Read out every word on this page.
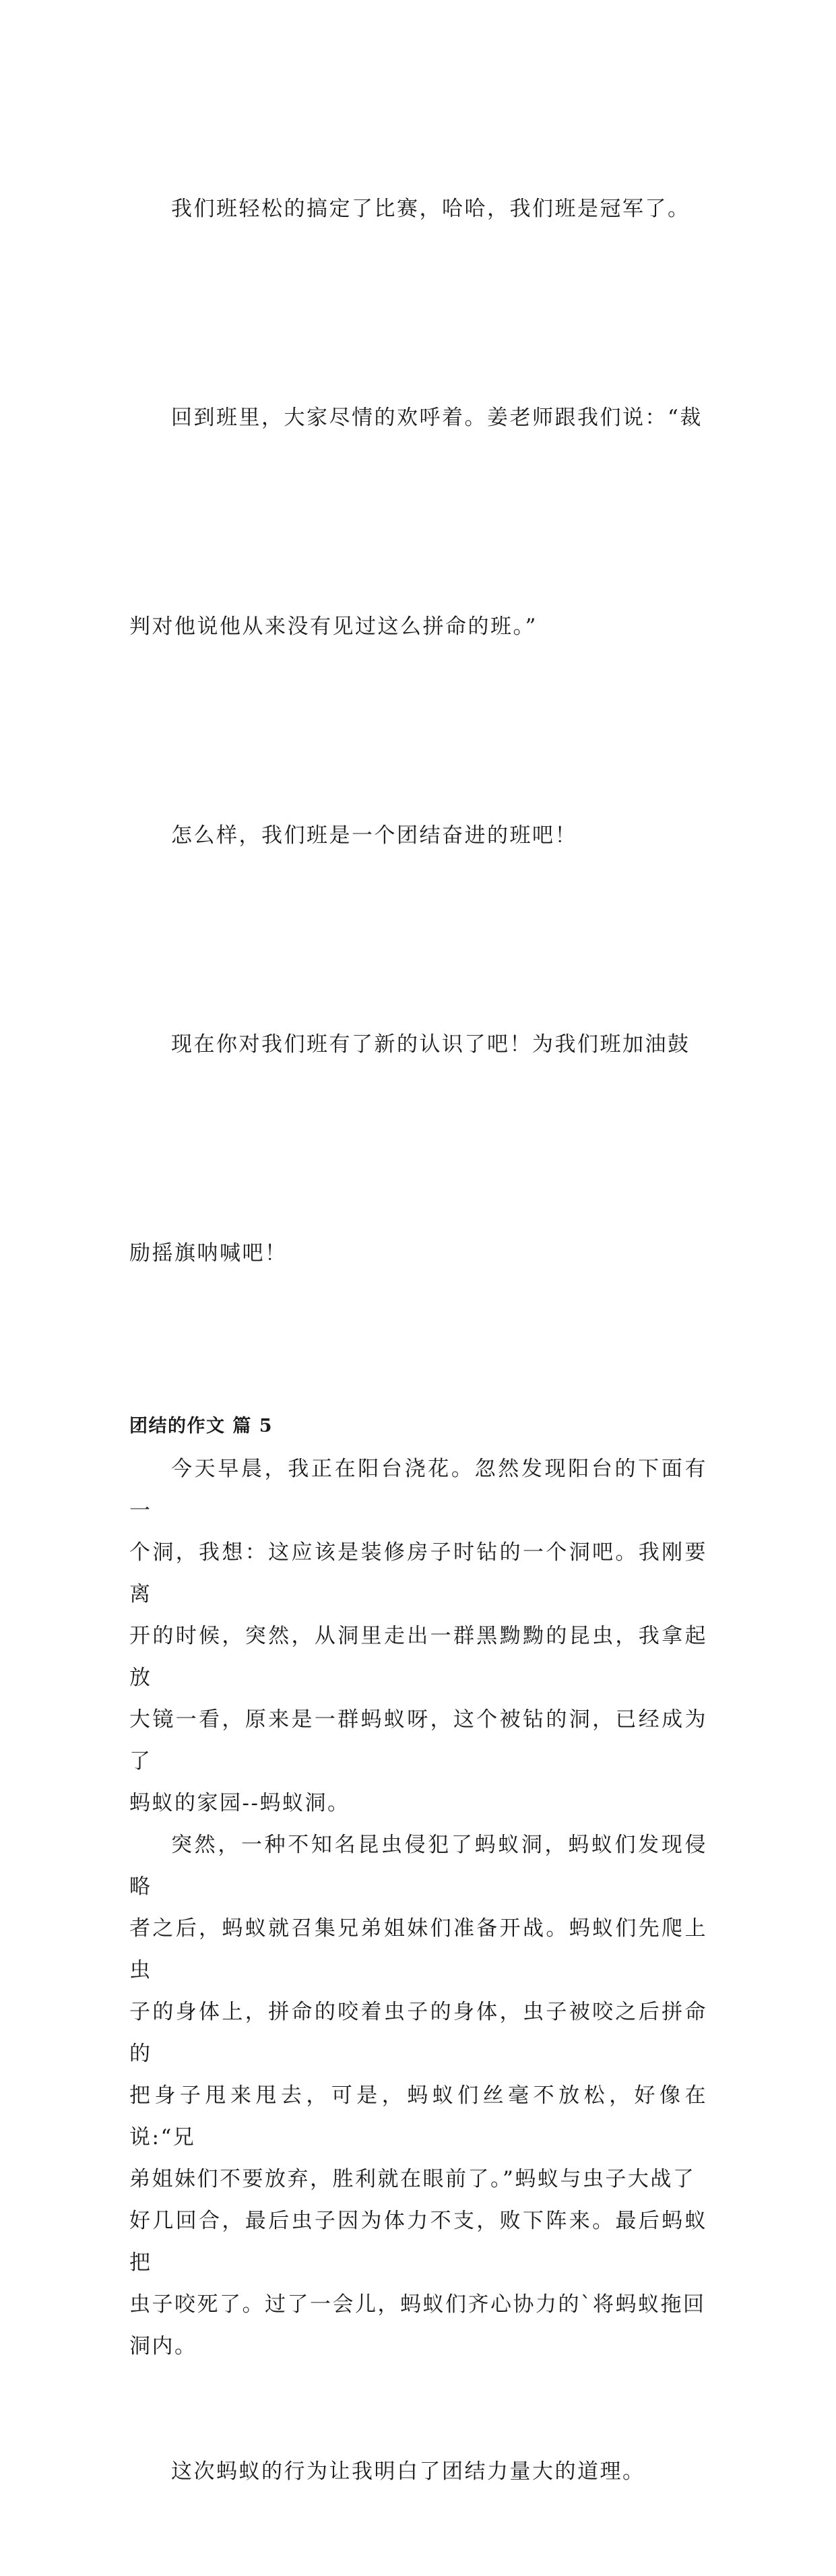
我们班轻松的搞定了比赛，哈哈，我们班是冠军了。

回到班里，大家尽情的欢呼着。姜老师跟我们说：“裁

判对他说他从来没有见过这么拼命的班。”

怎么样，我们班是一个团结奋进的班吧！

现在你对我们班有了新的认识了吧！为我们班加油鼓

励摇旗呐喊吧！

团结的作文 篇 5

今天早晨，我正在阳台浇花。忽然发现阳台的下面有一

个洞，我想：这应该是装修房子时钻的一个洞吧。我刚要离

开的时候，突然，从洞里走出一群黑黝黝的昆虫，我拿起放

大镜一看，原来是一群蚂蚁呀，这个被钻的洞，已经成为了

蚂蚁的家园--蚂蚁洞。

突然，一种不知名昆虫侵犯了蚂蚁洞，蚂蚁们发现侵略

者之后，蚂蚁就召集兄弟姐妹们准备开战。蚂蚁们先爬上虫

子的身体上，拼命的咬着虫子的身体，虫子被咬之后拼命的

把身子甩来甩去，可是，蚂蚁们丝毫不放松，好像在说:“兄

弟姐妹们不要放弃，胜利就在眼前了。”蚂蚁与虫子大战了

好几回合，最后虫子因为体力不支，败下阵来。最后蚂蚁把

虫子咬死了。过了一会儿，蚂蚁们齐心协力的`将蚂蚁拖回

洞内。

这次蚂蚁的行为让我明白了团结力量大的道理。
